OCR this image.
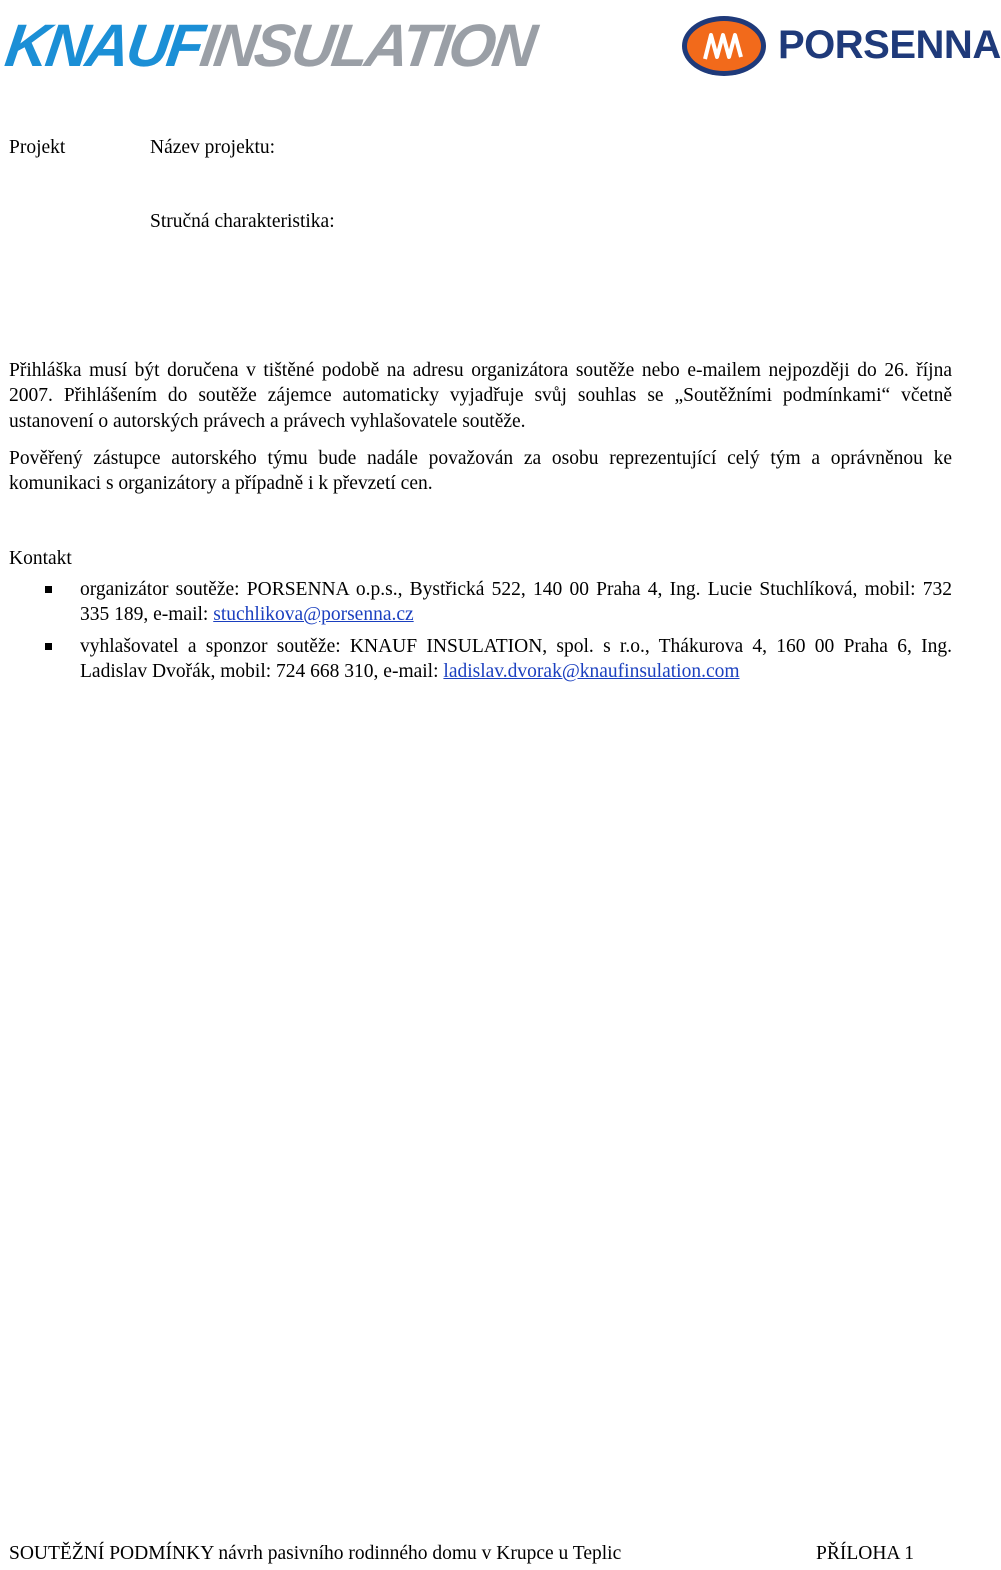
KNAUFINSULATION	PORSENNA
Projekt	Název projektu:
Stručná charakteristika:

Přihláška musí být doručena v tištěné podobě na adresu organizátora soutěže nebo e-mailem nejpozději do 26. října 2007. Přihlášením do soutěže zájemce automaticky vyjadřuje svůj souhlas se „Soutěžními podmínkami“ včetně ustanovení o autorských právech a právech vyhlašovatele soutěže.

Pověřený zástupce autorského týmu bude nadále považován za osobu reprezentující celý tým a oprávněnou ke komunikaci s organizátory a případně i k převzetí cen.

Kontakt
organizátor soutěže: PORSENNA o.p.s., Bystřická 522, 140 00 Praha 4, Ing. Lucie Stuchlíková, mobil: 732 335 189, e-mail: stuchlikova@porsenna.cz
vyhlašovatel a sponzor soutěže: KNAUF INSULATION, spol. s r.o., Thákurova 4, 160 00 Praha 6, Ing. Ladislav Dvořák, mobil: 724 668 310, e-mail: ladislav.dvorak@knaufinsulation.com
SOUTĚŽNÍ PODMÍNKY návrh pasivního rodinného domu v Krupce u Teplic	PŘÍLOHA 1
